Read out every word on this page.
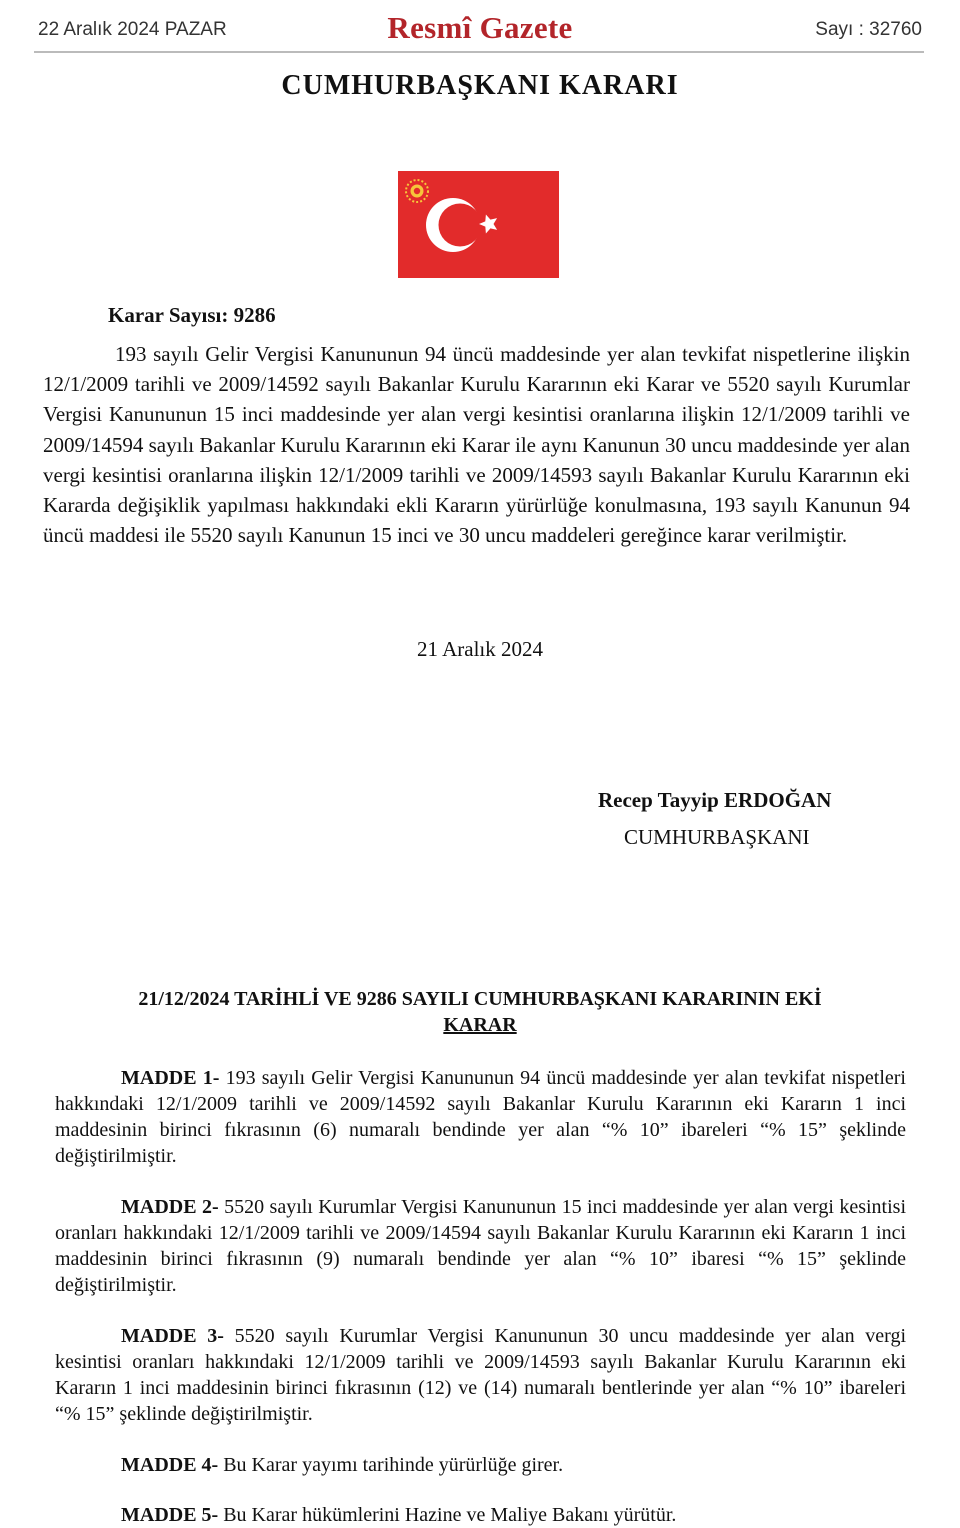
22 Aralık 2024 PAZAR	Resmî Gazete	Sayı : 32760
CUMHURBAŞKANI KARARI
Karar Sayısı: 9286
193 sayılı Gelir Vergisi Kanununun 94 üncü maddesinde yer alan tevkifat nispetlerine ilişkin 12/1/2009 tarihli ve 2009/14592 sayılı Bakanlar Kurulu Kararının eki Karar ve 5520 sayılı Kurumlar Vergisi Kanununun 15 inci maddesinde yer alan vergi kesintisi oranlarına ilişkin 12/1/2009 tarihli ve 2009/14594 sayılı Bakanlar Kurulu Kararının eki Karar ile aynı Kanunun 30 uncu maddesinde yer alan vergi kesintisi oranlarına ilişkin 12/1/2009 tarihli ve 2009/14593 sayılı Bakanlar Kurulu Kararının eki Kararda değişiklik yapılması hakkındaki ekli Kararın yürürlüğe konulmasına, 193 sayılı Kanunun 94 üncü maddesi ile 5520 sayılı Kanunun 15 inci ve 30 uncu maddeleri gereğince karar verilmiştir.
21 Aralık 2024
Recep Tayyip ERDOĞAN
CUMHURBAŞKANI
21/12/2024 TARİHLİ VE 9286 SAYILI CUMHURBAŞKANI KARARININ EKİ
KARAR
MADDE 1- 193 sayılı Gelir Vergisi Kanununun 94 üncü maddesinde yer alan tevkifat nispetleri hakkındaki 12/1/2009 tarihli ve 2009/14592 sayılı Bakanlar Kurulu Kararının eki Kararın 1 inci maddesinin birinci fıkrasının (6) numaralı bendinde yer alan “% 10” ibareleri “% 15” şeklinde değiştirilmiştir.
MADDE 2- 5520 sayılı Kurumlar Vergisi Kanununun 15 inci maddesinde yer alan vergi kesintisi oranları hakkındaki 12/1/2009 tarihli ve 2009/14594 sayılı Bakanlar Kurulu Kararının eki Kararın 1 inci maddesinin birinci fıkrasının (9) numaralı bendinde yer alan “% 10” ibaresi “% 15” şeklinde değiştirilmiştir.
MADDE 3- 5520 sayılı Kurumlar Vergisi Kanununun 30 uncu maddesinde yer alan vergi kesintisi oranları hakkındaki 12/1/2009 tarihli ve 2009/14593 sayılı Bakanlar Kurulu Kararının eki Kararın 1 inci maddesinin birinci fıkrasının (12) ve (14) numaralı bentlerinde yer alan “% 10” ibareleri “% 15” şeklinde değiştirilmiştir.
MADDE 4- Bu Karar yayımı tarihinde yürürlüğe girer.
MADDE 5- Bu Karar hükümlerini Hazine ve Maliye Bakanı yürütür.
